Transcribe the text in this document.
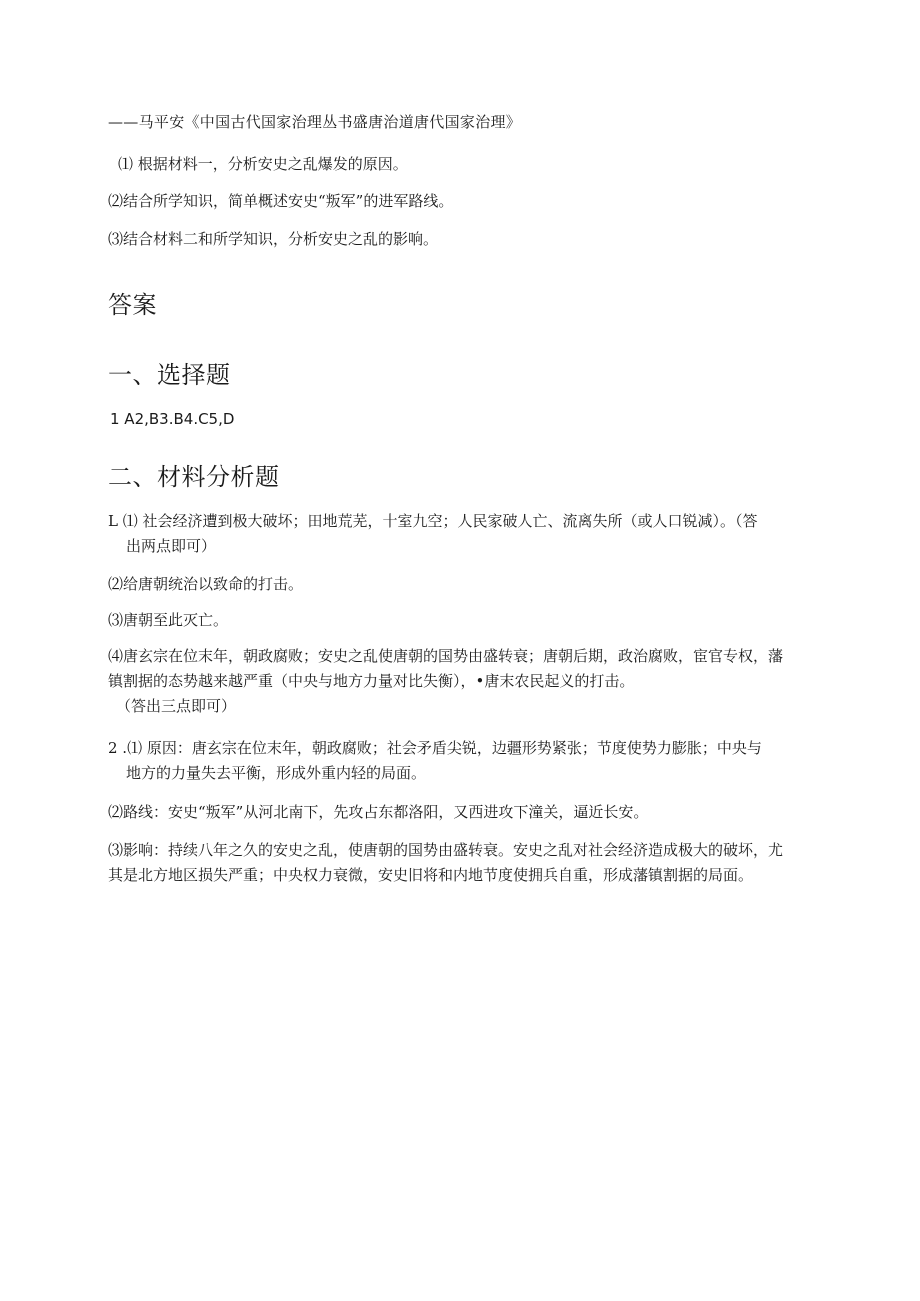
——马平安《中国古代国家治理丛书盛唐治道唐代国家治理》
⑴ 根据材料一，分析安史之乱爆发的原因。
⑵结合所学知识，简单概述安史“叛军”的进军路线。
⑶结合材料二和所学知识，分析安史之乱的影响。
答案
一、选择题
1 A2,B3.B4.C5,D
二、材料分析题
L ⑴ 社会经济遭到极大破坏；田地荒芜，十室九空；人民家破人亡、流离失所（或人口锐减）。（答
出两点即可）
⑵给唐朝统治以致命的打击。
⑶唐朝至此灭亡。
⑷唐玄宗在位末年，朝政腐败；安史之乱使唐朝的国势由盛转衰；唐朝后期，政治腐败，宦官专权，藩
镇割据的态势越来越严重（中央与地方力量对比失衡），•唐末农民起义的打击。
（答出三点即可）
2 .⑴ 原因：唐玄宗在位末年，朝政腐败；社会矛盾尖锐，边疆形势紧张；节度使势力膨胀；中央与
地方的力量失去平衡，形成外重内轻的局面。
⑵路线：安史“叛军”从河北南下，先攻占东都洛阳，又西进攻下潼关，逼近长安。
⑶影响：持续八年之久的安史之乱，使唐朝的国势由盛转衰。安史之乱对社会经济造成极大的破坏，尤
其是北方地区损失严重；中央权力衰微，安史旧将和内地节度使拥兵自重，形成藩镇割据的局面。
